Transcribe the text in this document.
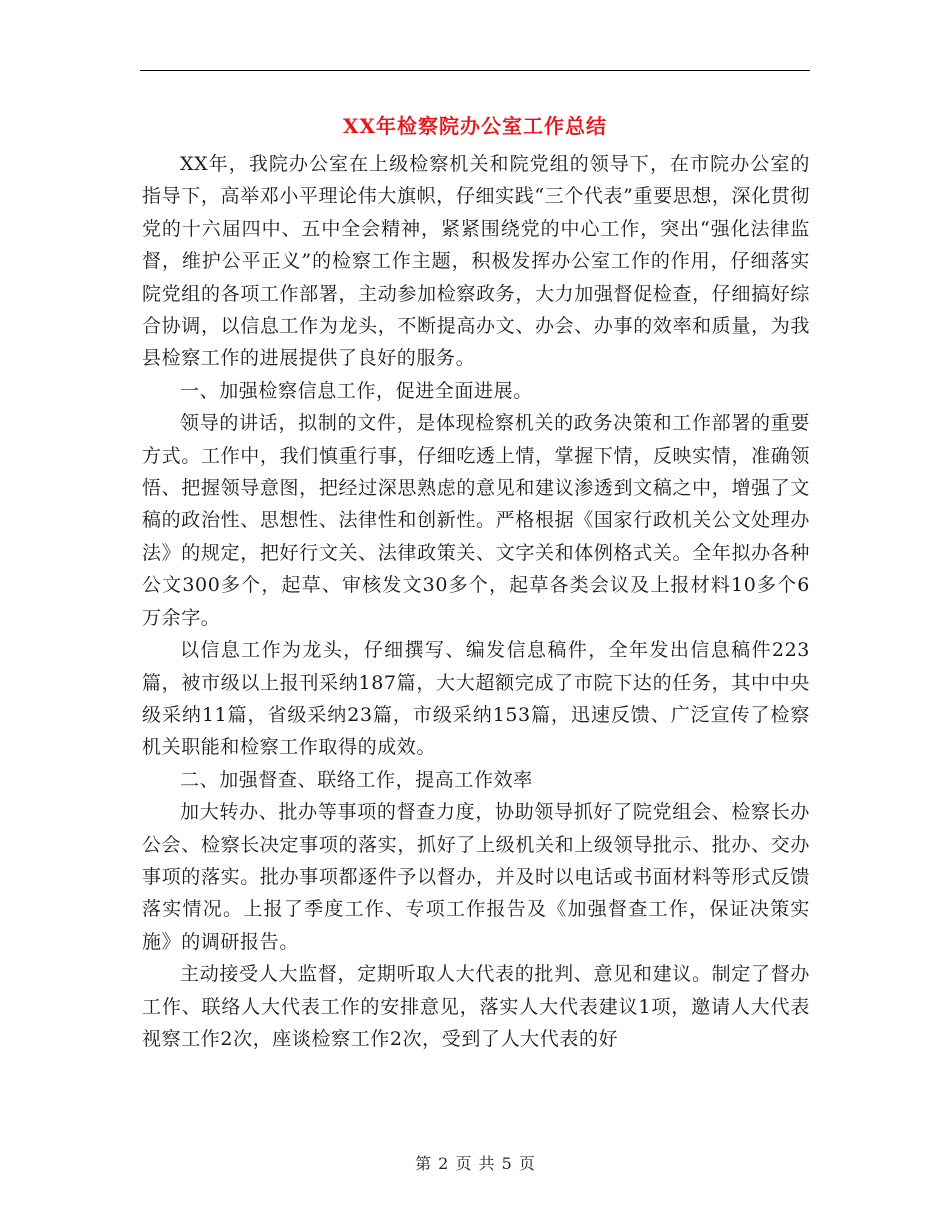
XX年检察院办公室工作总结

XX年，我院办公室在上级检察机关和院党组的领导下，在市院办公室的指导下，高举邓小平理论伟大旗帜，仔细实践“三个代表”重要思想，深化贯彻党的十六届四中、五中全会精神，紧紧围绕党的中心工作，突出“强化法律监督，维护公平正义”的检察工作主题，积极发挥办公室工作的作用，仔细落实院党组的各项工作部署，主动参加检察政务，大力加强督促检查，仔细搞好综合协调，以信息工作为龙头，不断提高办文、办会、办事的效率和质量，为我县检察工作的进展提供了良好的服务。

一、加强检察信息工作，促进全面进展。

领导的讲话，拟制的文件，是体现检察机关的政务决策和工作部署的重要方式。工作中，我们慎重行事，仔细吃透上情，掌握下情，反映实情，准确领悟、把握领导意图，把经过深思熟虑的意见和建议渗透到文稿之中，增强了文稿的政治性、思想性、法律性和创新性。严格根据《国家行政机关公文处理办法》的规定，把好行文关、法律政策关、文字关和体例格式关。全年拟办各种公文300多个，起草、审核发文30多个，起草各类会议及上报材料10多个6万余字。

以信息工作为龙头，仔细撰写、编发信息稿件，全年发出信息稿件223篇，被市级以上报刊采纳187篇，大大超额完成了市院下达的任务，其中中央级采纳11篇，省级采纳23篇，市级采纳153篇，迅速反馈、广泛宣传了检察机关职能和检察工作取得的成效。

二、加强督查、联络工作，提高工作效率

加大转办、批办等事项的督查力度，协助领导抓好了院党组会、检察长办公会、检察长决定事项的落实，抓好了上级机关和上级领导批示、批办、交办事项的落实。批办事项都逐件予以督办，并及时以电话或书面材料等形式反馈落实情况。上报了季度工作、专项工作报告及《加强督查工作，保证决策实施》的调研报告。

主动接受人大监督，定期听取人大代表的批判、意见和建议。制定了督办工作、联络人大代表工作的安排意见，落实人大代表建议1项，邀请人大代表视察工作2次，座谈检察工作2次，受到了人大代表的好

第 2 页 共 5 页
